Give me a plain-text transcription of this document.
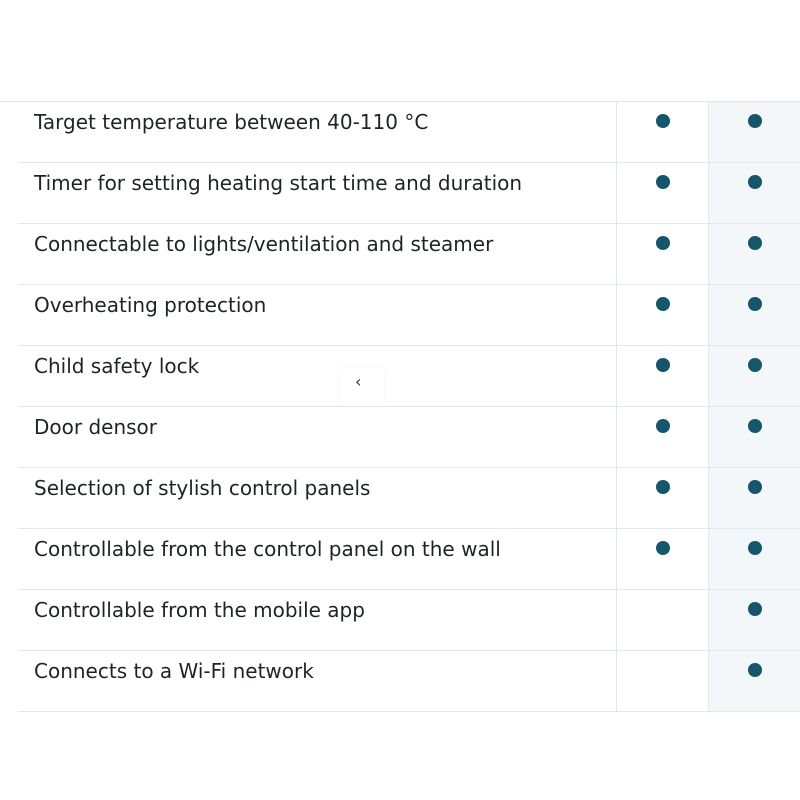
Target temperature between 40-110 °C
Timer for setting heating start time and duration
Connectable to lights/ventilation and steamer
Overheating protection
Child safety lock
Door densor
Selection of stylish control panels
Controllable from the control panel on the wall
Controllable from the mobile app
Connects to a Wi-Fi network
‹
